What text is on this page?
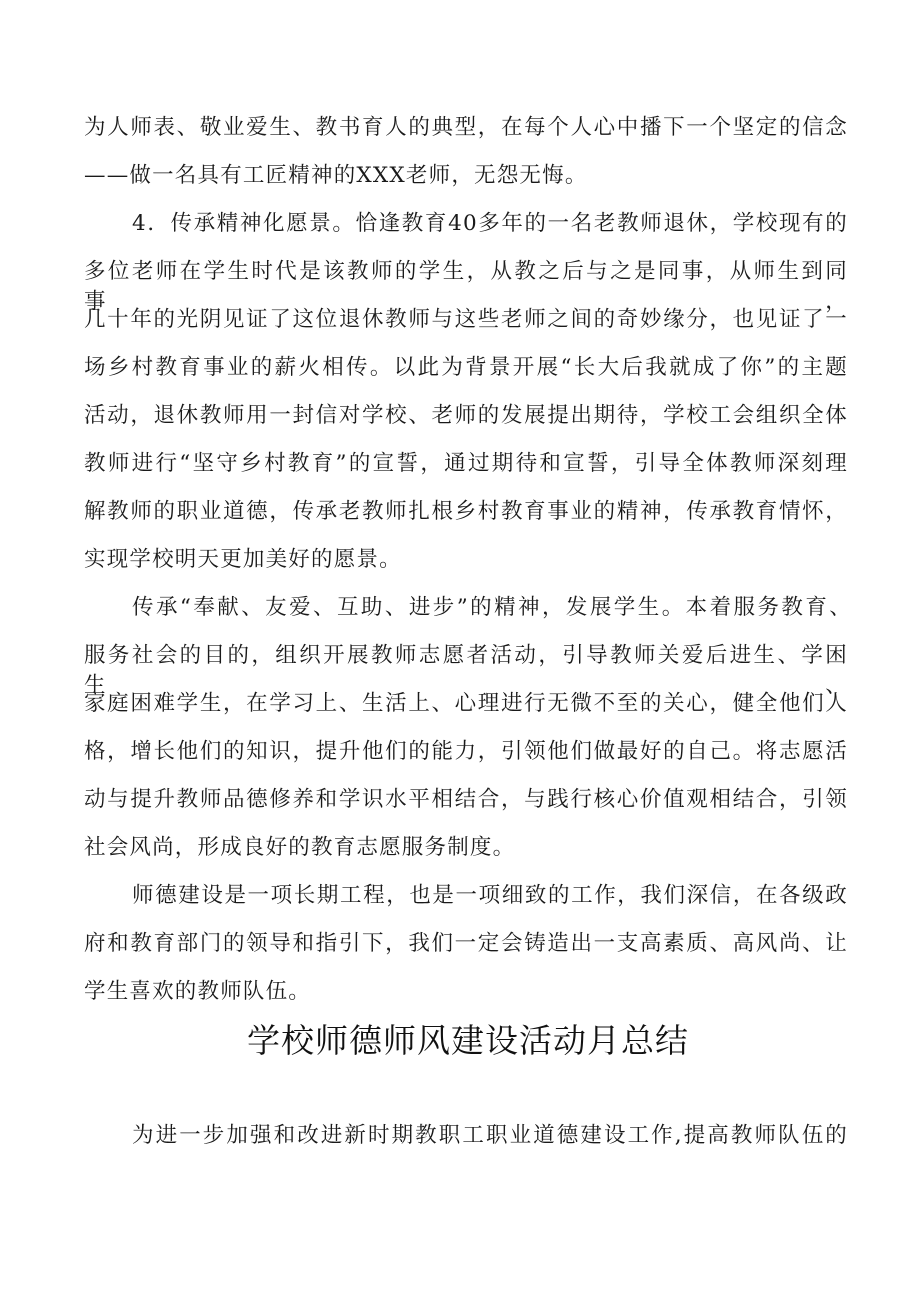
为人师表、敬业爱生、教书育人的典型，在每个人心中播下一个坚定的信念
——做一名具有工匠精神的XXX老师，无怨无悔。
4．传承精神化愿景。恰逢教育40多年的一名老教师退休，学校现有的
多位老师在学生时代是该教师的学生，从教之后与之是同事，从师生到同事，
几十年的光阴见证了这位退休教师与这些老师之间的奇妙缘分，也见证了一
场乡村教育事业的薪火相传。以此为背景开展“长大后我就成了你”的主题
活动，退休教师用一封信对学校、老师的发展提出期待，学校工会组织全体
教师进行“坚守乡村教育”的宣誓，通过期待和宣誓，引导全体教师深刻理
解教师的职业道德，传承老教师扎根乡村教育事业的精神，传承教育情怀，
实现学校明天更加美好的愿景。
传承“奉献、友爱、互助、进步”的精神，发展学生。本着服务教育、
服务社会的目的，组织开展教师志愿者活动，引导教师关爱后进生、学困生、
家庭困难学生，在学习上、生活上、心理进行无微不至的关心，健全他们人
格，增长他们的知识，提升他们的能力，引领他们做最好的自己。将志愿活
动与提升教师品德修养和学识水平相结合，与践行核心价值观相结合，引领
社会风尚，形成良好的教育志愿服务制度。
师德建设是一项长期工程，也是一项细致的工作，我们深信，在各级政
府和教育部门的领导和指引下，我们一定会铸造出一支高素质、高风尚、让
学生喜欢的教师队伍。
学校师德师风建设活动月总结
为进一步加强和改进新时期教职工职业道德建设工作,提高教师队伍的
